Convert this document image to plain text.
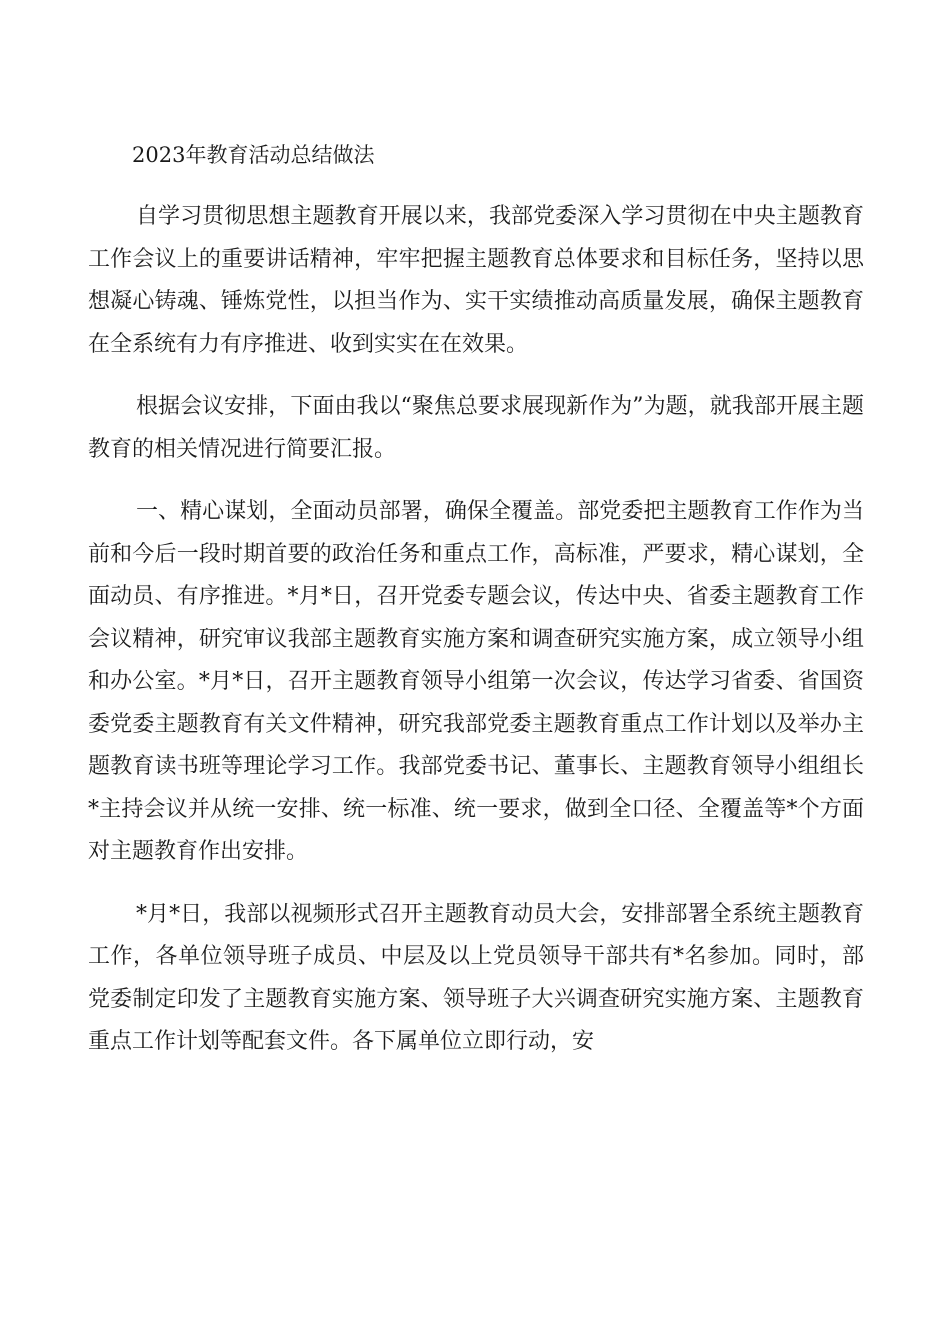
2023年教育活动总结做法

自学习贯彻思想主题教育开展以来，我部党委深入学习贯彻在中央主题教育工作会议上的重要讲话精神，牢牢把握主题教育总体要求和目标任务，坚持以思想凝心铸魂、锤炼党性，以担当作为、实干实绩推动高质量发展，确保主题教育在全系统有力有序推进、收到实实在在效果。

根据会议安排，下面由我以“聚焦总要求展现新作为”为题，就我部开展主题教育的相关情况进行简要汇报。

一、精心谋划，全面动员部署，确保全覆盖。部党委把主题教育工作作为当前和今后一段时期首要的政治任务和重点工作，高标准，严要求，精心谋划，全面动员、有序推进。*月*日，召开党委专题会议，传达中央、省委主题教育工作会议精神，研究审议我部主题教育实施方案和调查研究实施方案，成立领导小组和办公室。*月*日，召开主题教育领导小组第一次会议，传达学习省委、省国资委党委主题教育有关文件精神，研究我部党委主题教育重点工作计划以及举办主题教育读书班等理论学习工作。我部党委书记、董事长、主题教育领导小组组长*主持会议并从统一安排、统一标准、统一要求，做到全口径、全覆盖等*个方面对主题教育作出安排。

*月*日，我部以视频形式召开主题教育动员大会，安排部署全系统主题教育工作，各单位领导班子成员、中层及以上党员领导干部共有*名参加。同时，部党委制定印发了主题教育实施方案、领导班子大兴调查研究实施方案、主题教育重点工作计划等配套文件。各下属单位立即行动，安
